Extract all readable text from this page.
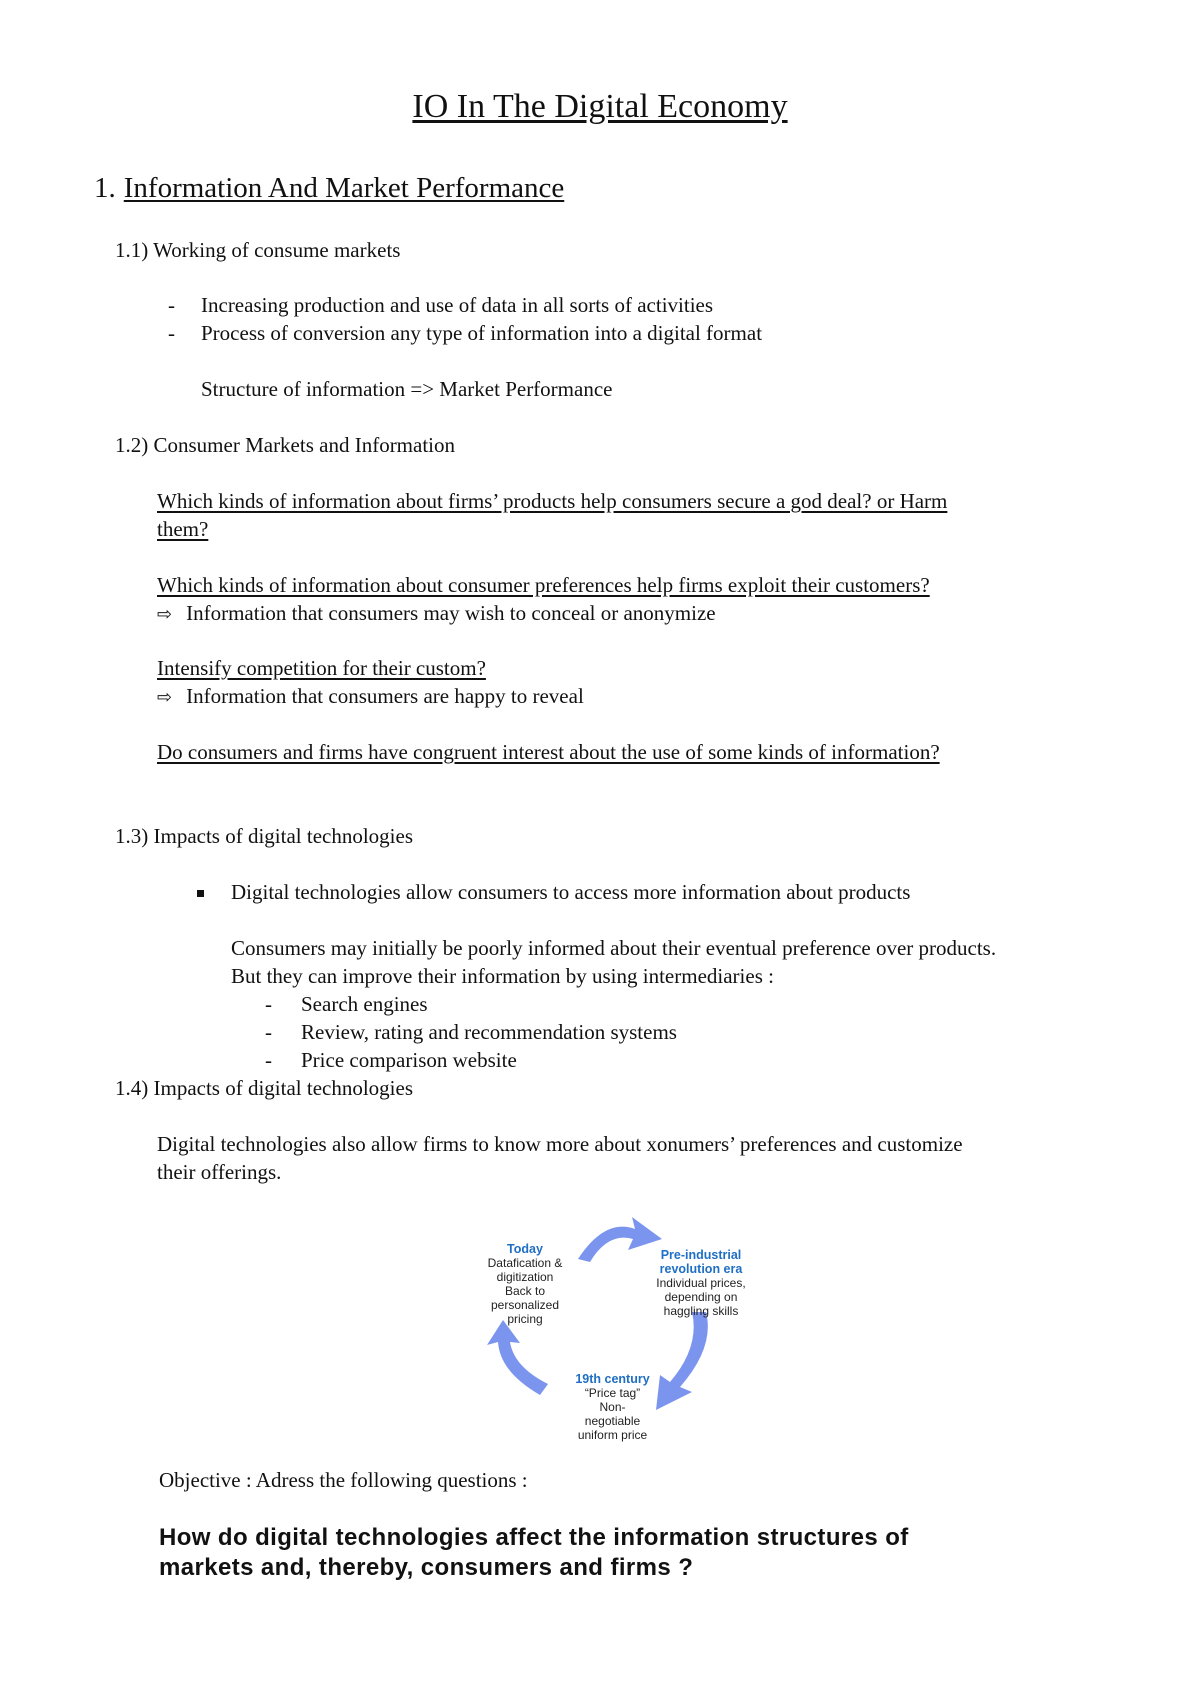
IO In The Digital Economy
1. Information And Market Performance
1.1) Working of consume markets
- Increasing production and use of data in all sorts of activities
- Process of conversion any type of information into a digital format
Structure of information => Market Performance
1.2) Consumer Markets and Information
Which kinds of information about firms’ products help consumers secure a god deal? or Harm
them?
Which kinds of information about consumer preferences help firms exploit their customers?
⇨ Information that consumers may wish to conceal or anonymize
Intensify competition for their custom?
⇨ Information that consumers are happy to reveal
Do consumers and firms have congruent interest about the use of some kinds of information?
1.3) Impacts of digital technologies
Digital technologies allow consumers to access more information about products
Consumers may initially be poorly informed about their eventual preference over products.
But they can improve their information by using intermediaries :
- Search engines
- Review, rating and recommendation systems
- Price comparison website
1.4) Impacts of digital technologies
Digital technologies also allow firms to know more about xonumers’ preferences and customize
their offerings.
Today
Datafication &
digitization
Back to
personalized
pricing
Pre-industrial
revolution era
Individual prices,
depending on
haggling skills
19th century
“Price tag”
Non-
negotiable
uniform price
Objective : Adress the following questions :
How do digital technologies affect the information structures of
markets and, thereby, consumers and firms ?
